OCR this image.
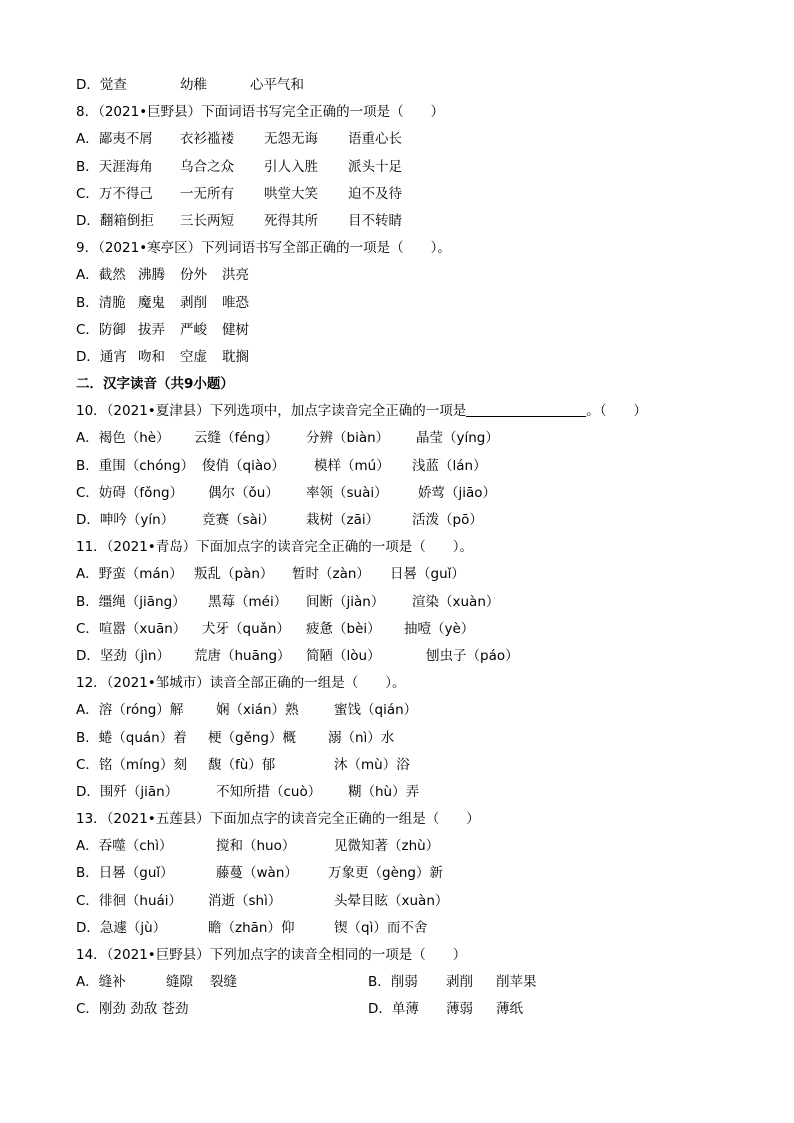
D．觉查	幼稚	心平气和
8．（2021•巨野县）下面词语书写完全正确的一项是（　　）
A．鄙夷不屑 衣衫褴褛 无怨无诲 语重心长
B．天涯海角 乌合之众 引人入胜 派头十足
C．万不得己 一无所有 哄堂大笑 迫不及待
D．翻箱倒拒 三长两短 死得其所 目不转睛
9．（2021•寒亭区）下列词语书写全部正确的一项是（　　）。
A．截然 沸腾 份外 洪亮
B．清脆 魔鬼 剥削 唯恐
C．防御 拔弄 严峻 健树
D．通宵 吻和 空虚 耽搁
二．汉字读音（共9小题）
10．（2021•夏津县）下列选项中，加点字读音完全正确的一项是	。（　　）
A．褐色（hè） 云缝（féng） 分辨（biàn） 晶莹（yíng）
B．重围（chóng） 俊俏（qiào） 模样（mú） 浅蓝（lán）
C．妨碍（fǒng） 偶尔（ǒu） 率领（suài） 娇莺（jiāo）
D．呻吟（yín） 竞赛（sài） 栽树（zāi） 活泼（pō）
11．（2021•青岛）下面加点字的读音完全正确的一项是（　　）。
A．野蛮（mán） 叛乱（pàn） 暂时（zàn） 日晷（guǐ）
B．缰绳（jiāng） 黑莓（méi） 间断（jiàn） 渲染（xuàn）
C．喧嚣（xuān） 犬牙（quǎn） 疲惫（bèi） 抽噎（yè）
D．坚劲（jìn） 荒唐（huāng） 简陋（lòu）	刨虫子（páo）
12．（2021•邹城市）读音全部正确的一组是（　　）。
A．溶（róng）解 娴（xián）熟	蜜饯（qián）
B．蜷（quán）着 梗（gěng）概 溺（nì）水
C．铭（míng）刻 馥（fù）郁	沐（mù）浴
D．围歼（jiān）	不知所措（cuò） 糊（hù）弄
13．（2021•五莲县）下面加点字的读音完全正确的一组是（　　）
A．吞噬（chì）	搅和（huo）	见微知著（zhù）
B．日晷（guǐ）	藤蔓（wàn） 万象更（gèng）新
C．徘徊（huái） 消逝（shì）	头晕目眩（xuàn）
D．急遽（jù）	瞻（zhān）仰	锲（qì）而不舍
14．（2021•巨野县）下列加点字的读音全相同的一项是（　　）
A．缝补	缝隙 裂缝	B．削弱 剥削 削苹果
C．刚劲 劲敌 苍劲	D．单薄 薄弱 薄纸
